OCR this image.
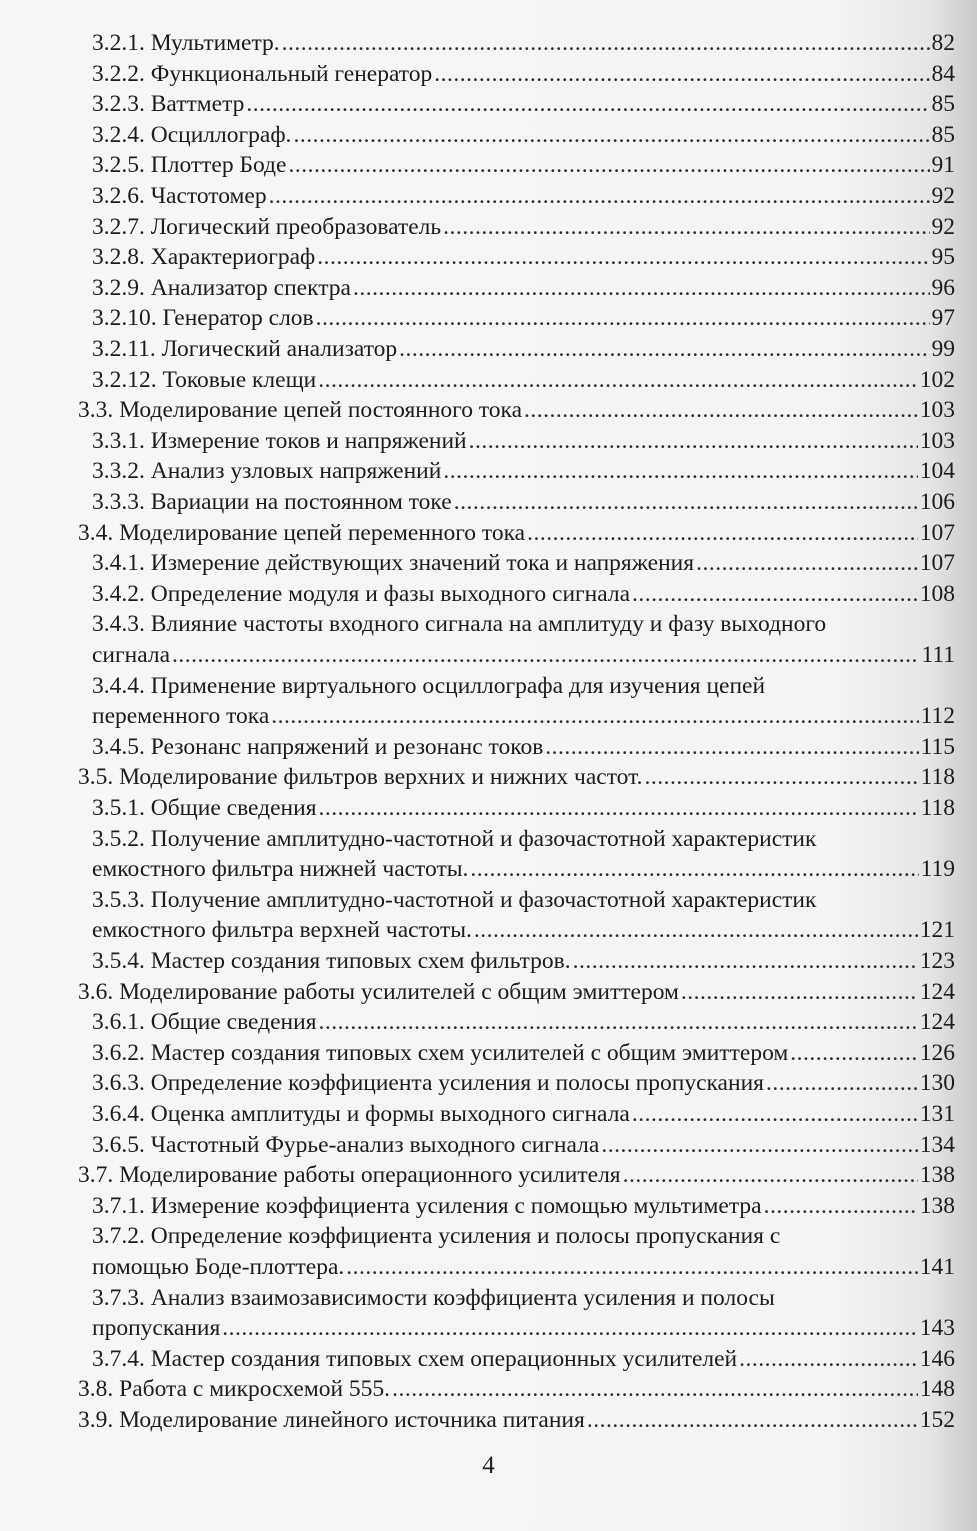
3.2.1. Мультиметр. .....	82
3.2.2. Функциональный генератор .....	84
3.2.3. Ваттметр .....	85
3.2.4. Осциллограф. .....	85
3.2.5. Плоттер Боде .....	91
3.2.6. Частотомер .....	92
3.2.7. Логический преобразователь .....	92
3.2.8. Характериограф .....	95
3.2.9. Анализатор спектра .....	96
3.2.10. Генератор слов .....	97
3.2.11. Логический анализатор .....	99
3.2.12. Токовые клещи .....	102
3.3. Моделирование цепей постоянного тока .....	103
3.3.1. Измерение токов и напряжений .....	103
3.3.2. Анализ узловых напряжений .....	104
3.3.3. Вариации на постоянном токе .....	106
3.4. Моделирование цепей переменного тока .....	107
3.4.1. Измерение действующих значений тока и напряжения .....	107
3.4.2. Определение модуля и фазы выходного сигнала .....	108
3.4.3. Влияние частоты входного сигнала на амплитуду и фазу выходного
сигнала .....	111
3.4.4. Применение виртуального осциллографа для изучения цепей
переменного тока .....	112
3.4.5. Резонанс напряжений и резонанс токов .....	115
3.5. Моделирование фильтров верхних и нижних частот. .....	118
3.5.1. Общие сведения .....	118
3.5.2. Получение амплитудно-частотной и фазочастотной характеристик
емкостного фильтра нижней частоты. .....	119
3.5.3. Получение амплитудно-частотной и фазочастотной характеристик
емкостного фильтра верхней частоты. .....	121
3.5.4. Мастер создания типовых схем фильтров. .....	123
3.6. Моделирование работы усилителей с общим эмиттером .....	124
3.6.1. Общие сведения .....	124
3.6.2. Мастер создания типовых схем усилителей с общим эмиттером .....	126
3.6.3. Определение коэффициента усиления и полосы пропускания .....	130
3.6.4. Оценка амплитуды и формы выходного сигнала .....	131
3.6.5. Частотный Фурье-анализ выходного сигнала .....	134
3.7. Моделирование работы операционного усилителя .....	138
3.7.1. Измерение коэффициента усиления с помощью мультиметра .....	138
3.7.2. Определение коэффициента усиления и полосы пропускания с
помощью Боде-плоттера. .....	141
3.7.3. Анализ взаимозависимости коэффициента усиления и полосы
пропускания .....	143
3.7.4. Мастер создания типовых схем операционных усилителей .....	146
3.8. Работа с микросхемой 555. .....	148
3.9. Моделирование линейного источника питания .....	152
4
